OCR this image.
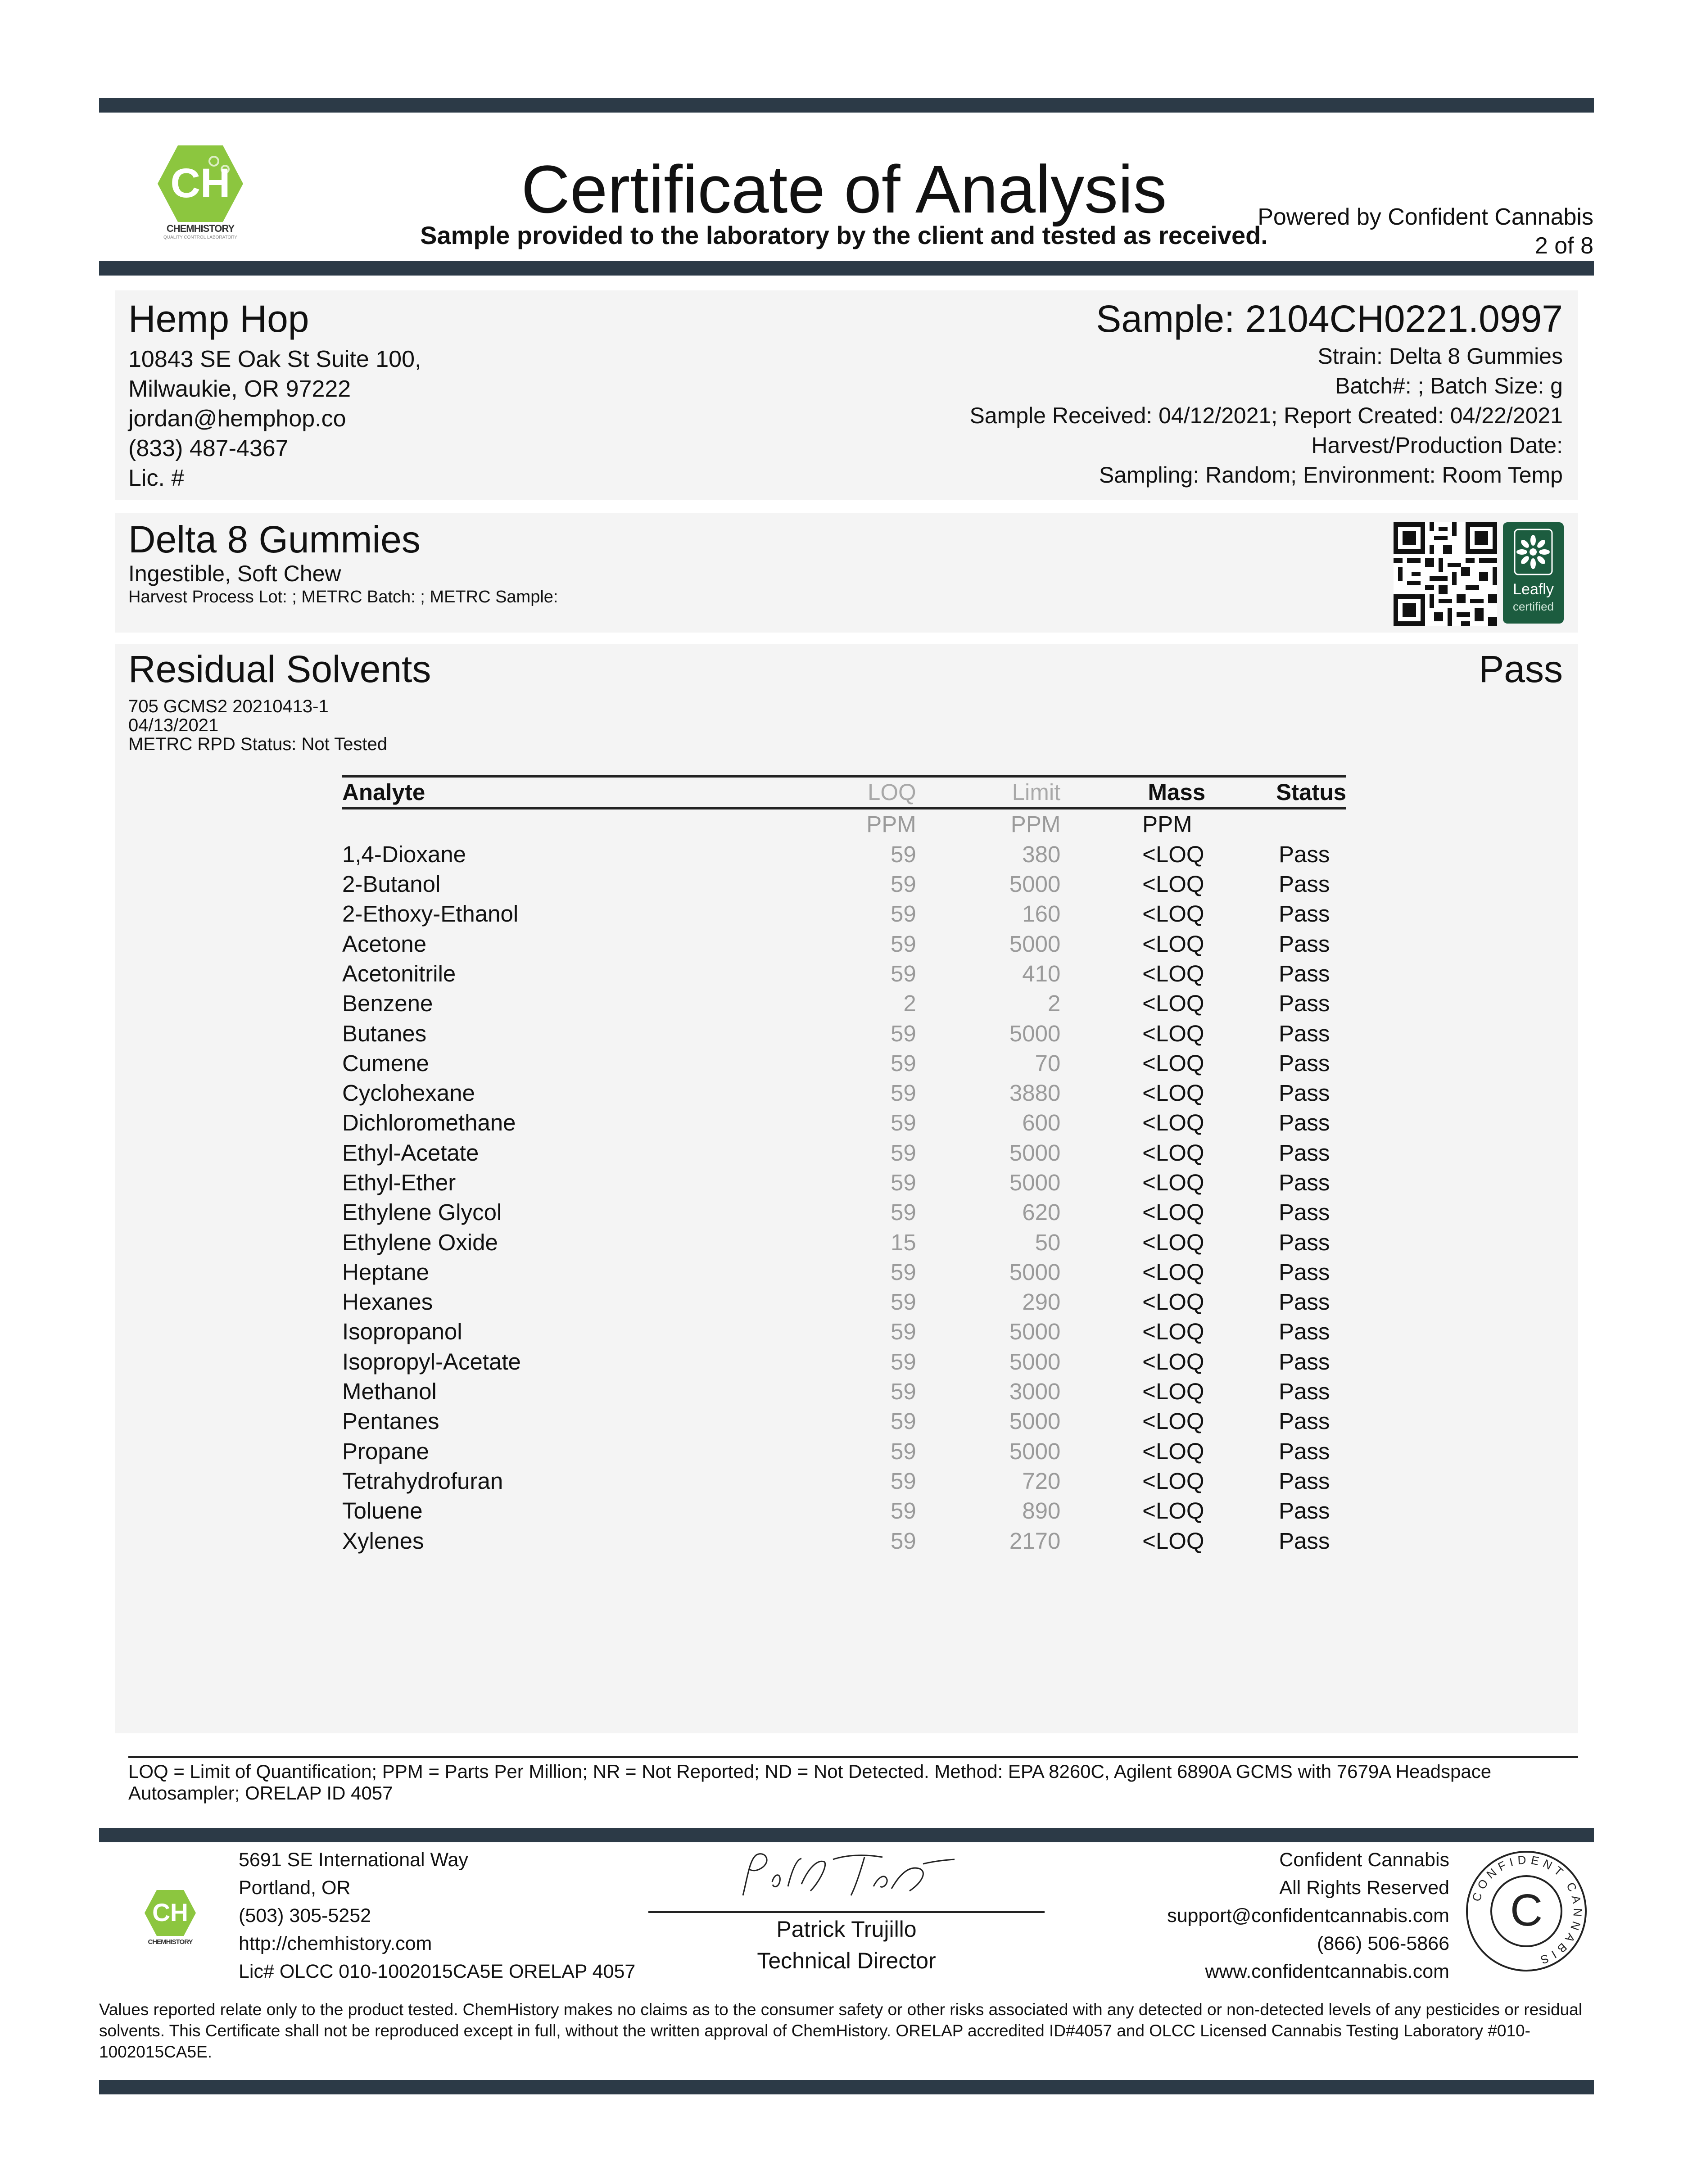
CH
CHEMHISTORY
QUALITY CONTROL LABORATORY
Certificate of Analysis
Sample provided to the laboratory by the client and tested as received.
Powered by Confident Cannabis
2 of 8
Hemp Hop
10843 SE Oak St Suite 100,
Milwaukie, OR 97222
jordan@hemphop.co
(833) 487-4367
Lic. #
Sample: 2104CH0221.0997
Strain: Delta 8 Gummies
Batch#: ; Batch Size: g
Sample Received: 04/12/2021; Report Created: 04/22/2021
Harvest/Production Date:
Sampling: Random; Environment: Room Temp
Delta 8 Gummies
Ingestible, Soft Chew
Harvest Process Lot: ; METRC Batch: ; METRC Sample:	Leafly
certified
Residual Solvents	Pass
705 GCMS2 20210413-1
04/13/2021
METRC RPD Status: Not Tested
Analyte	LOQ	Limit	Mass	Status
	PPM	PPM	PPM	
1,4-Dioxane	59	380	<LOQ	Pass
2-Butanol	59	5000	<LOQ	Pass
2-Ethoxy-Ethanol	59	160	<LOQ	Pass
Acetone	59	5000	<LOQ	Pass
Acetonitrile	59	410	<LOQ	Pass
Benzene	2	2	<LOQ	Pass
Butanes	59	5000	<LOQ	Pass
Cumene	59	70	<LOQ	Pass
Cyclohexane	59	3880	<LOQ	Pass
Dichloromethane	59	600	<LOQ	Pass
Ethyl-Acetate	59	5000	<LOQ	Pass
Ethyl-Ether	59	5000	<LOQ	Pass
Ethylene Glycol	59	620	<LOQ	Pass
Ethylene Oxide	15	50	<LOQ	Pass
Heptane	59	5000	<LOQ	Pass
Hexanes	59	290	<LOQ	Pass
Isopropanol	59	5000	<LOQ	Pass
Isopropyl-Acetate	59	5000	<LOQ	Pass
Methanol	59	3000	<LOQ	Pass
Pentanes	59	5000	<LOQ	Pass
Propane	59	5000	<LOQ	Pass
Tetrahydrofuran	59	720	<LOQ	Pass
Toluene	59	890	<LOQ	Pass
Xylenes	59	2170	<LOQ	Pass
LOQ = Limit of Quantification; PPM = Parts Per Million; NR = Not Reported; ND = Not Detected. Method: EPA 8260C, Agilent 6890A GCMS with 7679A Headspace Autosampler; ORELAP ID 4057
CH
CHEMHISTORY
5691 SE International Way
Portland, OR
(503) 305-5252
http://chemhistory.com
Lic# OLCC 010-1002015CA5E ORELAP 4057
Patrick Trujillo
Technical Director
Confident Cannabis
All Rights Reserved
support@confidentcannabis.com
(866) 506-5866
www.confidentcannabis.com
CONFIDENT CANNABIS
C
Values reported relate only to the product tested. ChemHistory makes no claims as to the consumer safety or other risks associated with any detected or non-detected levels of any pesticides or residual solvents. This Certificate shall not be reproduced except in full, without the written approval of ChemHistory. ORELAP accredited ID#4057 and OLCC Licensed Cannabis Testing Laboratory #010-1002015CA5E.
